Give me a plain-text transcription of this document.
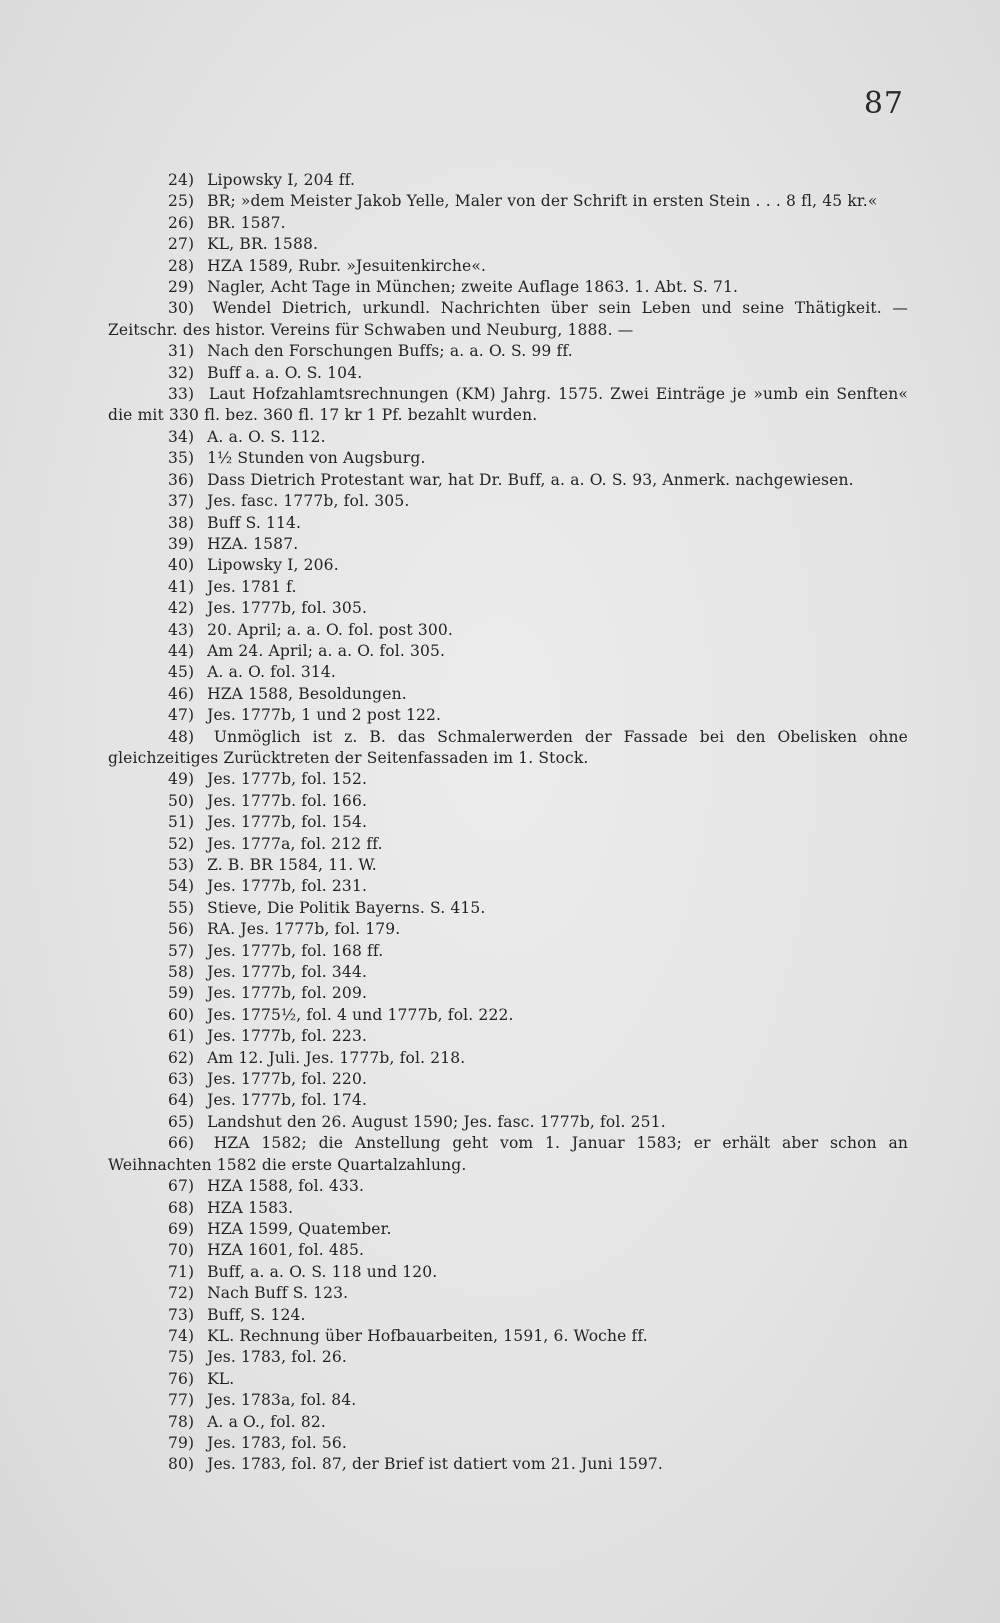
87
24) Lipowsky I, 204 ff.
25) BR; »dem Meister Jakob Yelle, Maler von der Schrift in ersten Stein . . . 8 fl, 45 kr.«
26) BR. 1587.
27) KL, BR. 1588.
28) HZA 1589, Rubr. »Jesuitenkirche«.
29) Nagler, Acht Tage in München; zweite Auflage 1863. 1. Abt. S. 71.
30) Wendel Dietrich, urkundl. Nachrichten über sein Leben und seine Thätigkeit. — Zeitschr. des histor. Vereins für Schwaben und Neuburg, 1888. —
31) Nach den Forschungen Buffs; a. a. O. S. 99 ff.
32) Buff a. a. O. S. 104.
33) Laut Hofzahlamtsrechnungen (KM) Jahrg. 1575. Zwei Einträge je »umb ein Senften« die mit 330 fl. bez. 360 fl. 17 kr 1 Pf. bezahlt wurden.
34) A. a. O. S. 112.
35) 1½ Stunden von Augsburg.
36) Dass Dietrich Protestant war, hat Dr. Buff, a. a. O. S. 93, Anmerk. nachgewiesen.
37) Jes. fasc. 1777b, fol. 305.
38) Buff S. 114.
39) HZA. 1587.
40) Lipowsky I, 206.
41) Jes. 1781 f.
42) Jes. 1777b, fol. 305.
43) 20. April; a. a. O. fol. post 300.
44) Am 24. April; a. a. O. fol. 305.
45) A. a. O. fol. 314.
46) HZA 1588, Besoldungen.
47) Jes. 1777b, 1 und 2 post 122.
48) Unmöglich ist z. B. das Schmalerwerden der Fassade bei den Obelisken ohne gleichzeitiges Zurücktreten der Seitenfassaden im 1. Stock.
49) Jes. 1777b, fol. 152.
50) Jes. 1777b. fol. 166.
51) Jes. 1777b, fol. 154.
52) Jes. 1777a, fol. 212 ff.
53) Z. B. BR 1584, 11. W.
54) Jes. 1777b, fol. 231.
55) Stieve, Die Politik Bayerns. S. 415.
56) RA. Jes. 1777b, fol. 179.
57) Jes. 1777b, fol. 168 ff.
58) Jes. 1777b, fol. 344.
59) Jes. 1777b, fol. 209.
60) Jes. 1775½, fol. 4 und 1777b, fol. 222.
61) Jes. 1777b, fol. 223.
62) Am 12. Juli. Jes. 1777b, fol. 218.
63) Jes. 1777b, fol. 220.
64) Jes. 1777b, fol. 174.
65) Landshut den 26. August 1590; Jes. fasc. 1777b, fol. 251.
66) HZA 1582; die Anstellung geht vom 1. Januar 1583; er erhält aber schon an Weihnachten 1582 die erste Quartalzahlung.
67) HZA 1588, fol. 433.
68) HZA 1583.
69) HZA 1599, Quatember.
70) HZA 1601, fol. 485.
71) Buff, a. a. O. S. 118 und 120.
72) Nach Buff S. 123.
73) Buff, S. 124.
74) KL. Rechnung über Hofbauarbeiten, 1591, 6. Woche ff.
75) Jes. 1783, fol. 26.
76) KL.
77) Jes. 1783a, fol. 84.
78) A. a O., fol. 82.
79) Jes. 1783, fol. 56.
80) Jes. 1783, fol. 87, der Brief ist datiert vom 21. Juni 1597.
